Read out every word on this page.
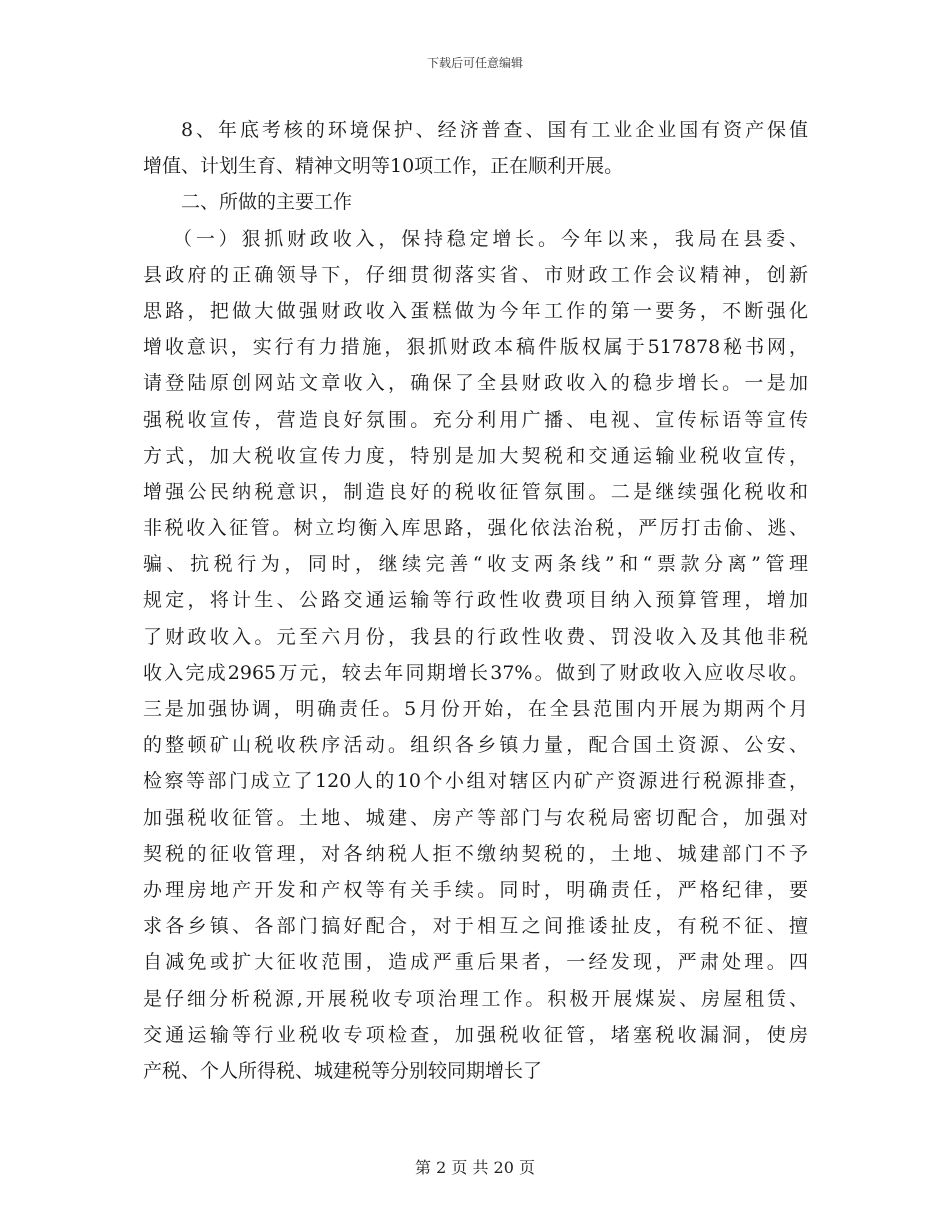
下载后可任意编辑
8、年底考核的环境保护、经济普查、国有工业企业国有资产保值
增值、计划生育、精神文明等10项工作，正在顺利开展。
二、所做的主要工作
（一）狠抓财政收入，保持稳定增长。今年以来，我局在县委、
县政府的正确领导下，仔细贯彻落实省、市财政工作会议精神，创新
思路，把做大做强财政收入蛋糕做为今年工作的第一要务，不断强化
增收意识，实行有力措施，狠抓财政本稿件版权属于517878秘书网，
请登陆原创网站文章收入，确保了全县财政收入的稳步增长。一是加
强税收宣传，营造良好氛围。充分利用广播、电视、宣传标语等宣传
方式，加大税收宣传力度，特别是加大契税和交通运输业税收宣传，
增强公民纳税意识，制造良好的税收征管氛围。二是继续强化税收和
非税收入征管。树立均衡入库思路，强化依法治税，严厉打击偷、逃、
骗、抗税行为，同时，继续完善“收支两条线”和“票款分离”管理
规定，将计生、公路交通运输等行政性收费项目纳入预算管理，增加
了财政收入。元至六月份，我县的行政性收费、罚没收入及其他非税
收入完成2965万元，较去年同期增长37%。做到了财政收入应收尽收。
三是加强协调，明确责任。5月份开始，在全县范围内开展为期两个月
的整顿矿山税收秩序活动。组织各乡镇力量，配合国土资源、公安、
检察等部门成立了120人的10个小组对辖区内矿产资源进行税源排查，
加强税收征管。土地、城建、房产等部门与农税局密切配合，加强对
契税的征收管理，对各纳税人拒不缴纳契税的，土地、城建部门不予
办理房地产开发和产权等有关手续。同时，明确责任，严格纪律，要
求各乡镇、各部门搞好配合，对于相互之间推诿扯皮，有税不征、擅
自减免或扩大征收范围，造成严重后果者，一经发现，严肃处理。四
是仔细分析税源,开展税收专项治理工作。积极开展煤炭、房屋租赁、
交通运输等行业税收专项检查，加强税收征管，堵塞税收漏洞，使房
产税、个人所得税、城建税等分别较同期增长了
第 2 页 共 20 页
